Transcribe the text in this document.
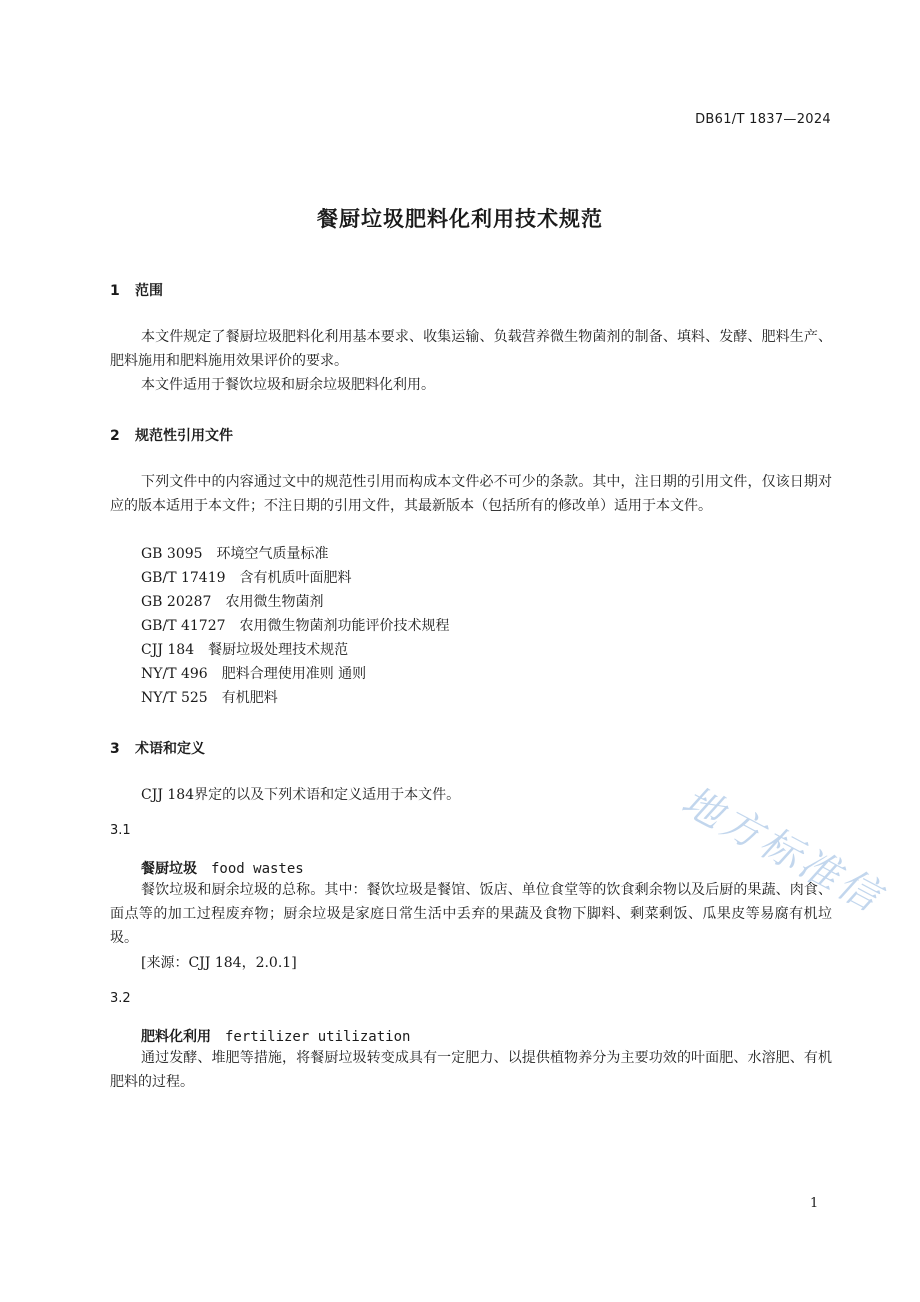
DB61/T 1837—2024
餐厨垃圾肥料化利用技术规范
1 范围
本文件规定了餐厨垃圾肥料化利用基本要求、收集运输、负载营养微生物菌剂的制备、填料、发酵、肥料生产、肥料施用和肥料施用效果评价的要求。
本文件适用于餐饮垃圾和厨余垃圾肥料化利用。
2 规范性引用文件
下列文件中的内容通过文中的规范性引用而构成本文件必不可少的条款。其中，注日期的引用文件，仅该日期对应的版本适用于本文件；不注日期的引用文件，其最新版本（包括所有的修改单）适用于本文件。
GB 3095　环境空气质量标准
GB/T 17419　含有机质叶面肥料
GB 20287　农用微生物菌剂
GB/T 41727　农用微生物菌剂功能评价技术规程
CJJ 184　餐厨垃圾处理技术规范
NY/T 496　肥料合理使用准则 通则
NY/T 525　有机肥料
3 术语和定义
CJJ 184界定的以及下列术语和定义适用于本文件。
3.1
餐厨垃圾 food wastes
餐饮垃圾和厨余垃圾的总称。其中：餐饮垃圾是餐馆、饭店、单位食堂等的饮食剩余物以及后厨的果蔬、肉食、面点等的加工过程废弃物；厨余垃圾是家庭日常生活中丢弃的果蔬及食物下脚料、剩菜剩饭、瓜果皮等易腐有机垃圾。
[来源：CJJ 184，2.0.1]
3.2
肥料化利用 fertilizer utilization
通过发酵、堆肥等措施，将餐厨垃圾转变成具有一定肥力、以提供植物养分为主要功效的叶面肥、水溶肥、有机肥料的过程。
地方标准信
1
